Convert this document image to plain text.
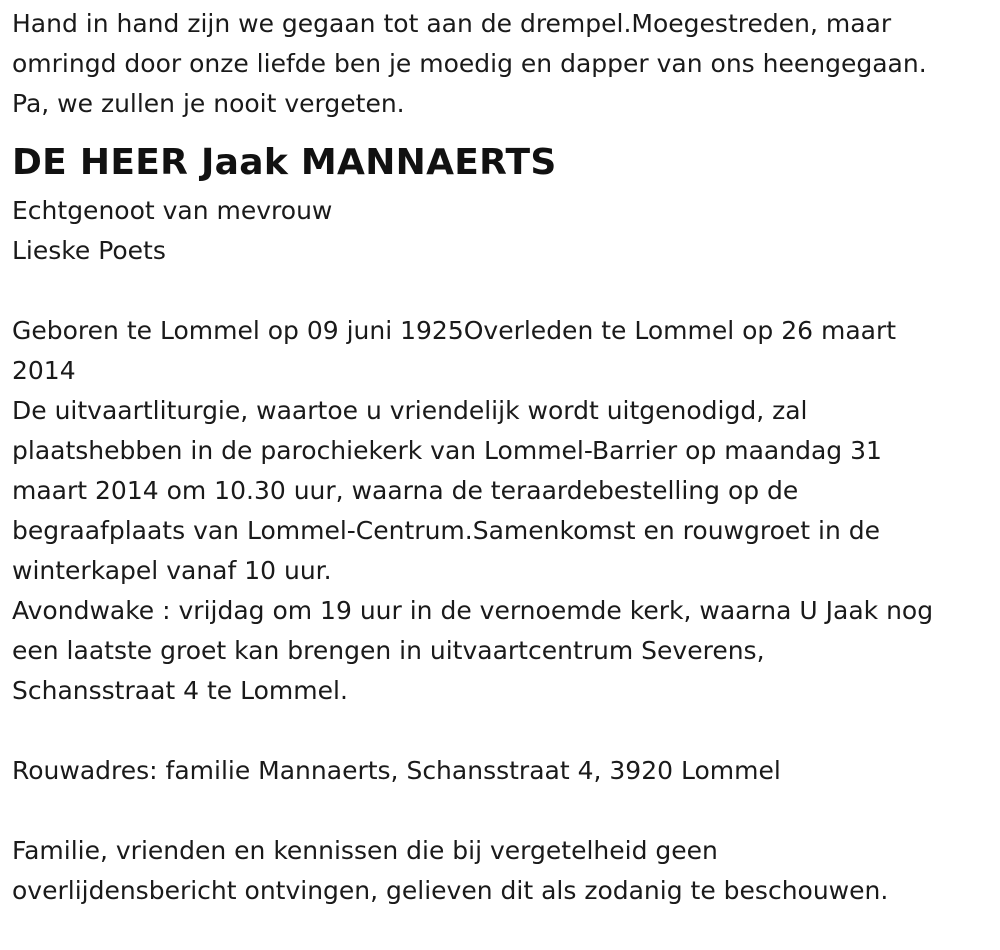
Hand in hand zijn we gegaan tot aan de drempel.Moegestreden, maar
omringd door onze liefde ben je moedig en dapper van ons heengegaan.
Pa, we zullen je nooit vergeten.
DE HEER Jaak MANNAERTS
Echtgenoot van mevrouw
Lieske Poets
Geboren te Lommel op 09 juni 1925Overleden te Lommel op 26 maart
2014
De uitvaartliturgie, waartoe u vriendelijk wordt uitgenodigd, zal
plaatshebben in de parochiekerk van Lommel-Barrier op maandag 31
maart 2014 om 10.30 uur, waarna de teraardebestelling op de
begraafplaats van Lommel-Centrum.Samenkomst en rouwgroet in de
winterkapel vanaf 10 uur.
Avondwake : vrijdag om 19 uur in de vernoemde kerk, waarna U Jaak nog
een laatste groet kan brengen in uitvaartcentrum Severens,
Schansstraat 4 te Lommel.
Rouwadres: familie Mannaerts, Schansstraat 4, 3920 Lommel
Familie, vrienden en kennissen die bij vergetelheid geen
overlijdensbericht ontvingen, gelieven dit als zodanig te beschouwen.
